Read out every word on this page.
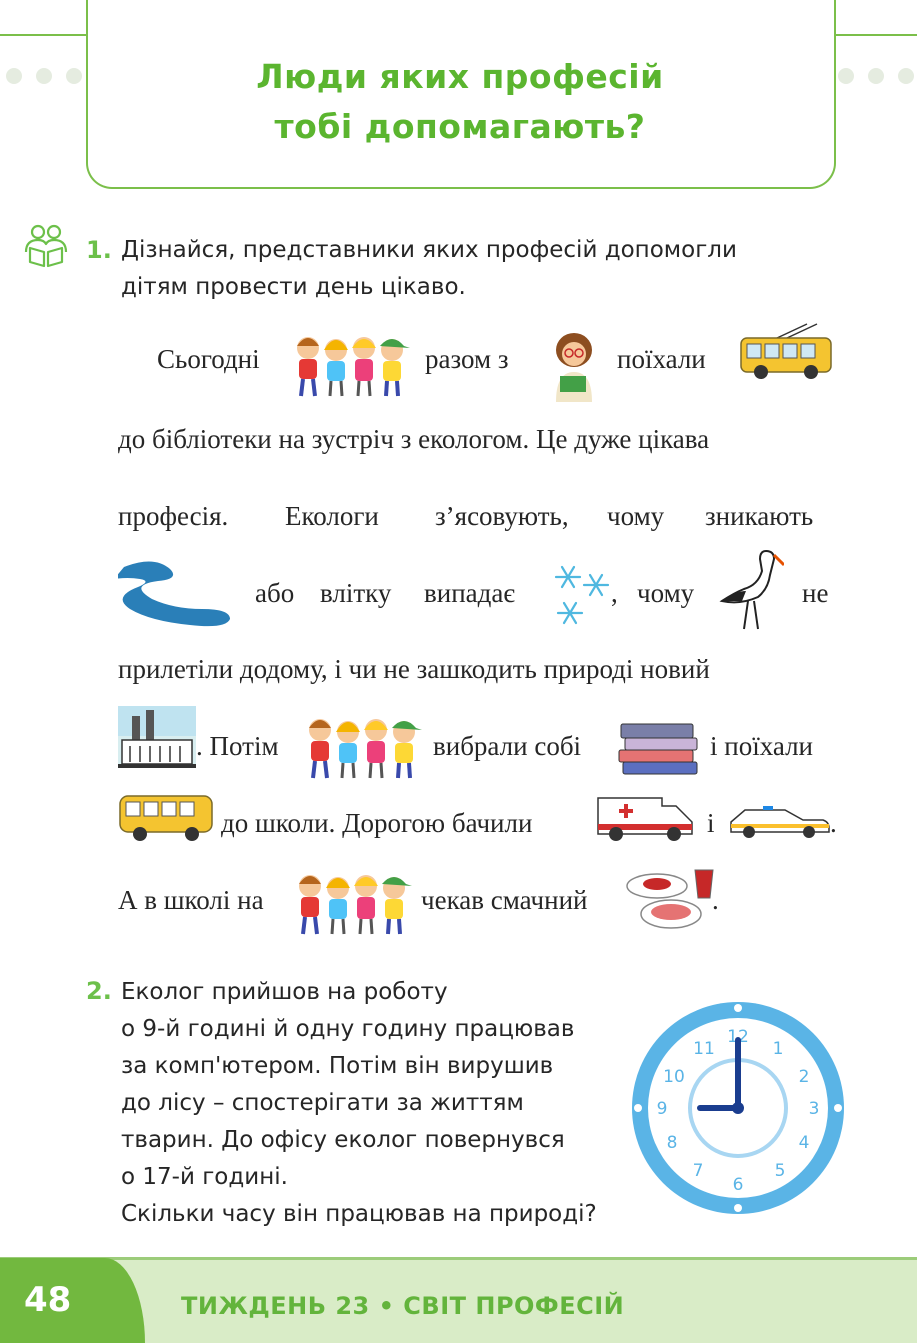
Люди яких професій
тобі допомагають?
1. Дізнайся, представники яких професій допомогли
дітям провести день цікаво.
Сьогодні	разом з	поїхали
до бібліотеки на зустріч з екологом. Це дуже цікава
професія. Екологи з’ясовують, чому зникають
або влітку випадає	, чому	не
прилетіли додому, і чи не зашкодить природі новий
. Потім	вибрали собі	і поїхали
до школи. Дорогою бачили	і	.
А в школі на	чекав смачний	.
2. Еколог прийшов на роботу
о 9-й годині й одну годину працював
за комп'ютером. Потім він вирушив
до лісу – спостерігати за життям
тварин. До офісу еколог повернувся
о 17-й годині.
Скільки часу він працював на природі?
12
1
2
3
4
5
6
7
8
9
10
11
48	ТИЖДЕНЬ 23 • СВІТ ПРОФЕСІЙ
